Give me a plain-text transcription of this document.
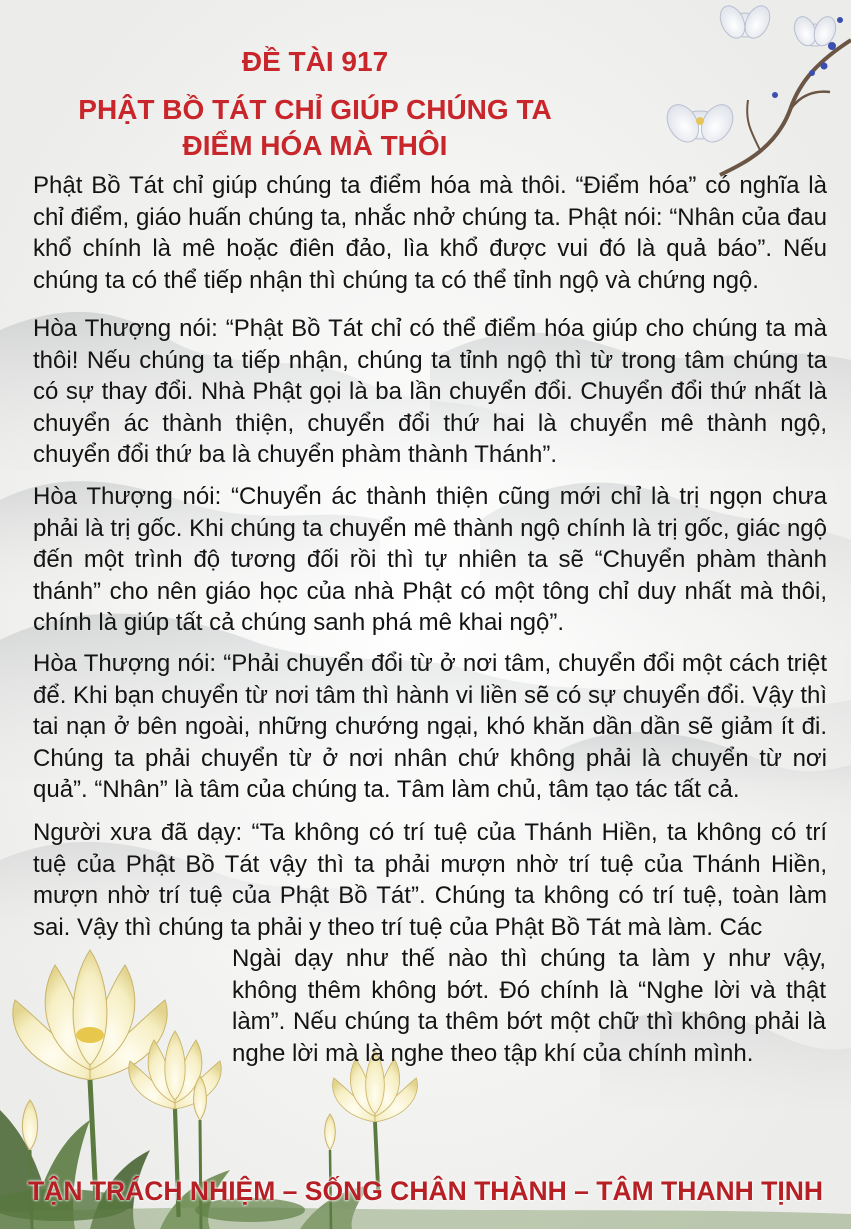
ĐỀ TÀI 917
PHẬT BỒ TÁT CHỈ GIÚP CHÚNG TA
ĐIỂM HÓA MÀ THÔI

Phật Bồ Tát chỉ giúp chúng ta điểm hóa mà thôi. “Điểm hóa” có nghĩa là chỉ điểm, giáo huấn chúng ta, nhắc nhở chúng ta. Phật nói: “Nhân của đau khổ chính là mê hoặc điên đảo, lìa khổ được vui đó là quả báo”. Nếu chúng ta có thể tiếp nhận thì chúng ta có thể tỉnh ngộ và chứng ngộ.

Hòa Thượng nói: “Phật Bồ Tát chỉ có thể điểm hóa giúp cho chúng ta mà thôi! Nếu chúng ta tiếp nhận, chúng ta tỉnh ngộ thì từ trong tâm chúng ta có sự thay đổi. Nhà Phật gọi là ba lần chuyển đổi. Chuyển đổi thứ nhất là chuyển ác thành thiện, chuyển đổi thứ hai là chuyển mê thành ngộ, chuyển đổi thứ ba là chuyển phàm thành Thánh”.

Hòa Thượng nói: “Chuyển ác thành thiện cũng mới chỉ là trị ngọn chưa phải là trị gốc. Khi chúng ta chuyển mê thành ngộ chính là trị gốc, giác ngộ đến một trình độ tương đối rồi thì tự nhiên ta sẽ “Chuyển phàm thành thánh” cho nên giáo học của nhà Phật có một tông chỉ duy nhất mà thôi, chính là giúp tất cả chúng sanh phá mê khai ngộ”.

Hòa Thượng nói: “Phải chuyển đổi từ ở nơi tâm, chuyển đổi một cách triệt để. Khi bạn chuyển từ nơi tâm thì hành vi liền sẽ có sự chuyển đổi. Vậy thì tai nạn ở bên ngoài, những chướng ngại, khó khăn dần dần sẽ giảm ít đi. Chúng ta phải chuyển từ ở nơi nhân chứ không phải là chuyển từ nơi quả”. “Nhân” là tâm của chúng ta. Tâm làm chủ, tâm tạo tác tất cả.

Người xưa đã dạy: “Ta không có trí tuệ của Thánh Hiền, ta không có trí tuệ của Phật Bồ Tát vậy thì ta phải mượn nhờ trí tuệ của Thánh Hiền, mượn nhờ trí tuệ của Phật Bồ Tát”. Chúng ta không có trí tuệ, toàn làm sai. Vậy thì chúng ta phải y theo trí tuệ của Phật Bồ Tát mà làm. Các

Ngài dạy như thế nào thì chúng ta làm y như vậy, không thêm không bớt. Đó chính là “Nghe lời và thật làm”. Nếu chúng ta thêm bớt một chữ thì không phải là nghe lời mà là nghe theo tập khí của chính mình.

TẬN TRÁCH NHIỆM – SỐNG CHÂN THÀNH – TÂM THANH TỊNH
